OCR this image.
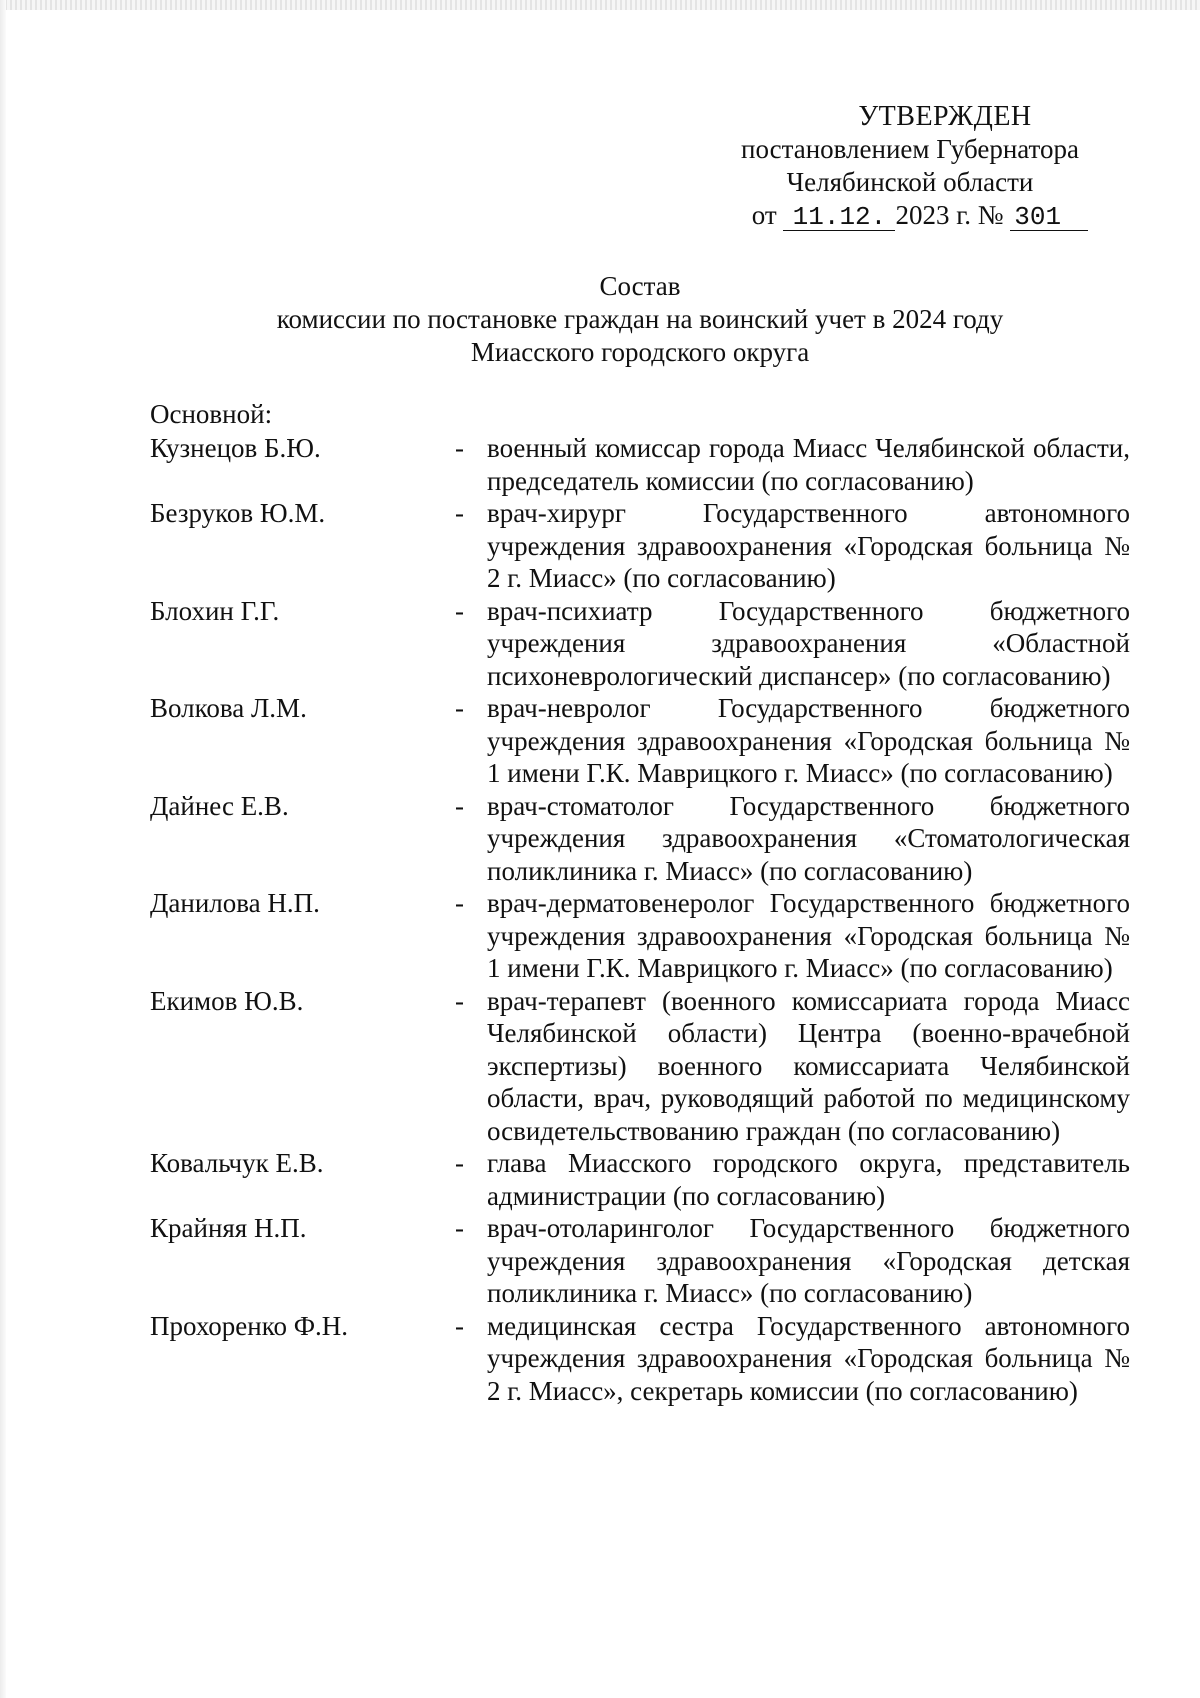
УТВЕРЖДЕН
постановлением Губернатора
Челябинской области
от 11.12. 2023 г. № 301
Состав
комиссии по постановке граждан на воинский учет в 2024 году
Миасского городского округа
Основной:
Кузнецов Б.Ю.	- военный комиссар города Миасс Челябинской области, председатель комиссии (по согласованию)
Безруков Ю.М.	- врач-хирург Государственного автономного учреждения здравоохранения «Городская больница № 2 г. Миасс» (по согласованию)
Блохин Г.Г.	- врач-психиатр Государственного бюджетного учреждения здравоохранения «Областной психоневрологический диспансер» (по согласованию)
Волкова Л.М.	- врач-невролог Государственного бюджетного учреждения здравоохранения «Городская больница № 1 имени Г.К. Маврицкого г. Миасс» (по согласованию)
Дайнес Е.В.	- врач-стоматолог Государственного бюджетного учреждения здравоохранения «Стоматологическая поликлиника г. Миасс» (по согласованию)
Данилова Н.П.	- врач-дерматовенеролог Государственного бюджетного учреждения здравоохранения «Городская больница № 1 имени Г.К. Маврицкого г. Миасс» (по согласованию)
Екимов Ю.В.	- врач-терапевт (военного комиссариата города Миасс Челябинской области) Центра (военно-врачебной экспертизы) военного комиссариата Челябинской области, врач, руководящий работой по медицинскому освидетельствованию граждан (по согласованию)
Ковальчук Е.В.	- глава Миасского городского округа, представитель администрации (по согласованию)
Крайняя Н.П.	- врач-отоларинголог Государственного бюджетного учреждения здравоохранения «Городская детская поликлиника г. Миасс» (по согласованию)
Прохоренко Ф.Н.	- медицинская сестра Государственного автономного учреждения здравоохранения «Городская больница № 2 г. Миасс», секретарь комиссии (по согласованию)
